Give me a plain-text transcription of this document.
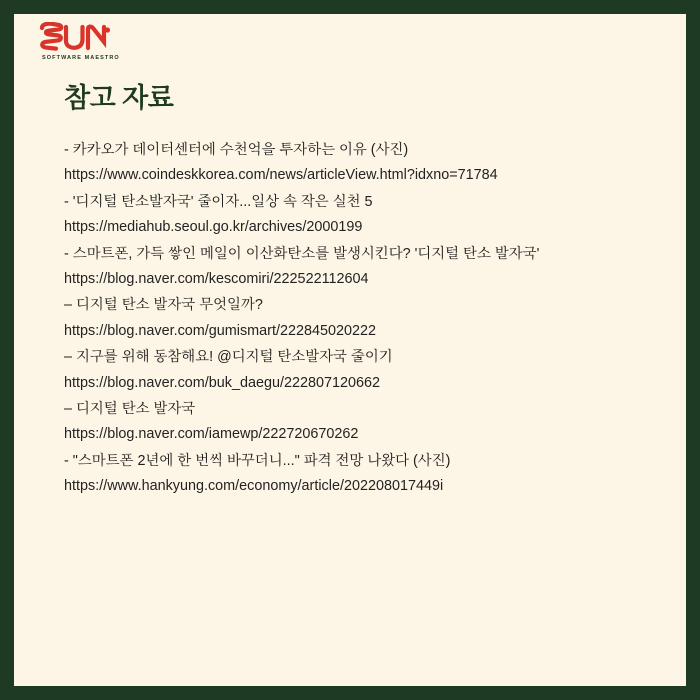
SOFTWARE MAESTRO
참고 자료
- 카카오가 데이터센터에 수천억을 투자하는 이유 (사진)
https://www.coindeskkorea.com/news/articleView.html?idxno=71784
- '디지털 탄소발자국' 줄이자...일상 속 작은 실천 5
https://mediahub.seoul.go.kr/archives/2000199
- 스마트폰, 가득 쌓인 메일이 이산화탄소를 발생시킨다? '디지털 탄소 발자국'
https://blog.naver.com/kescomiri/222522112604
– 디지털 탄소 발자국 무엇일까?
https://blog.naver.com/gumismart/222845020222
– 지구를 위해 동참해요! @디지털 탄소발자국 줄이기
https://blog.naver.com/buk_daegu/222807120662
– 디지털 탄소 발자국
https://blog.naver.com/iamewp/222720670262
- "스마트폰 2년에 한 번씩 바꾸더니..." 파격 전망 나왔다 (사진)
https://www.hankyung.com/economy/article/202208017449i
